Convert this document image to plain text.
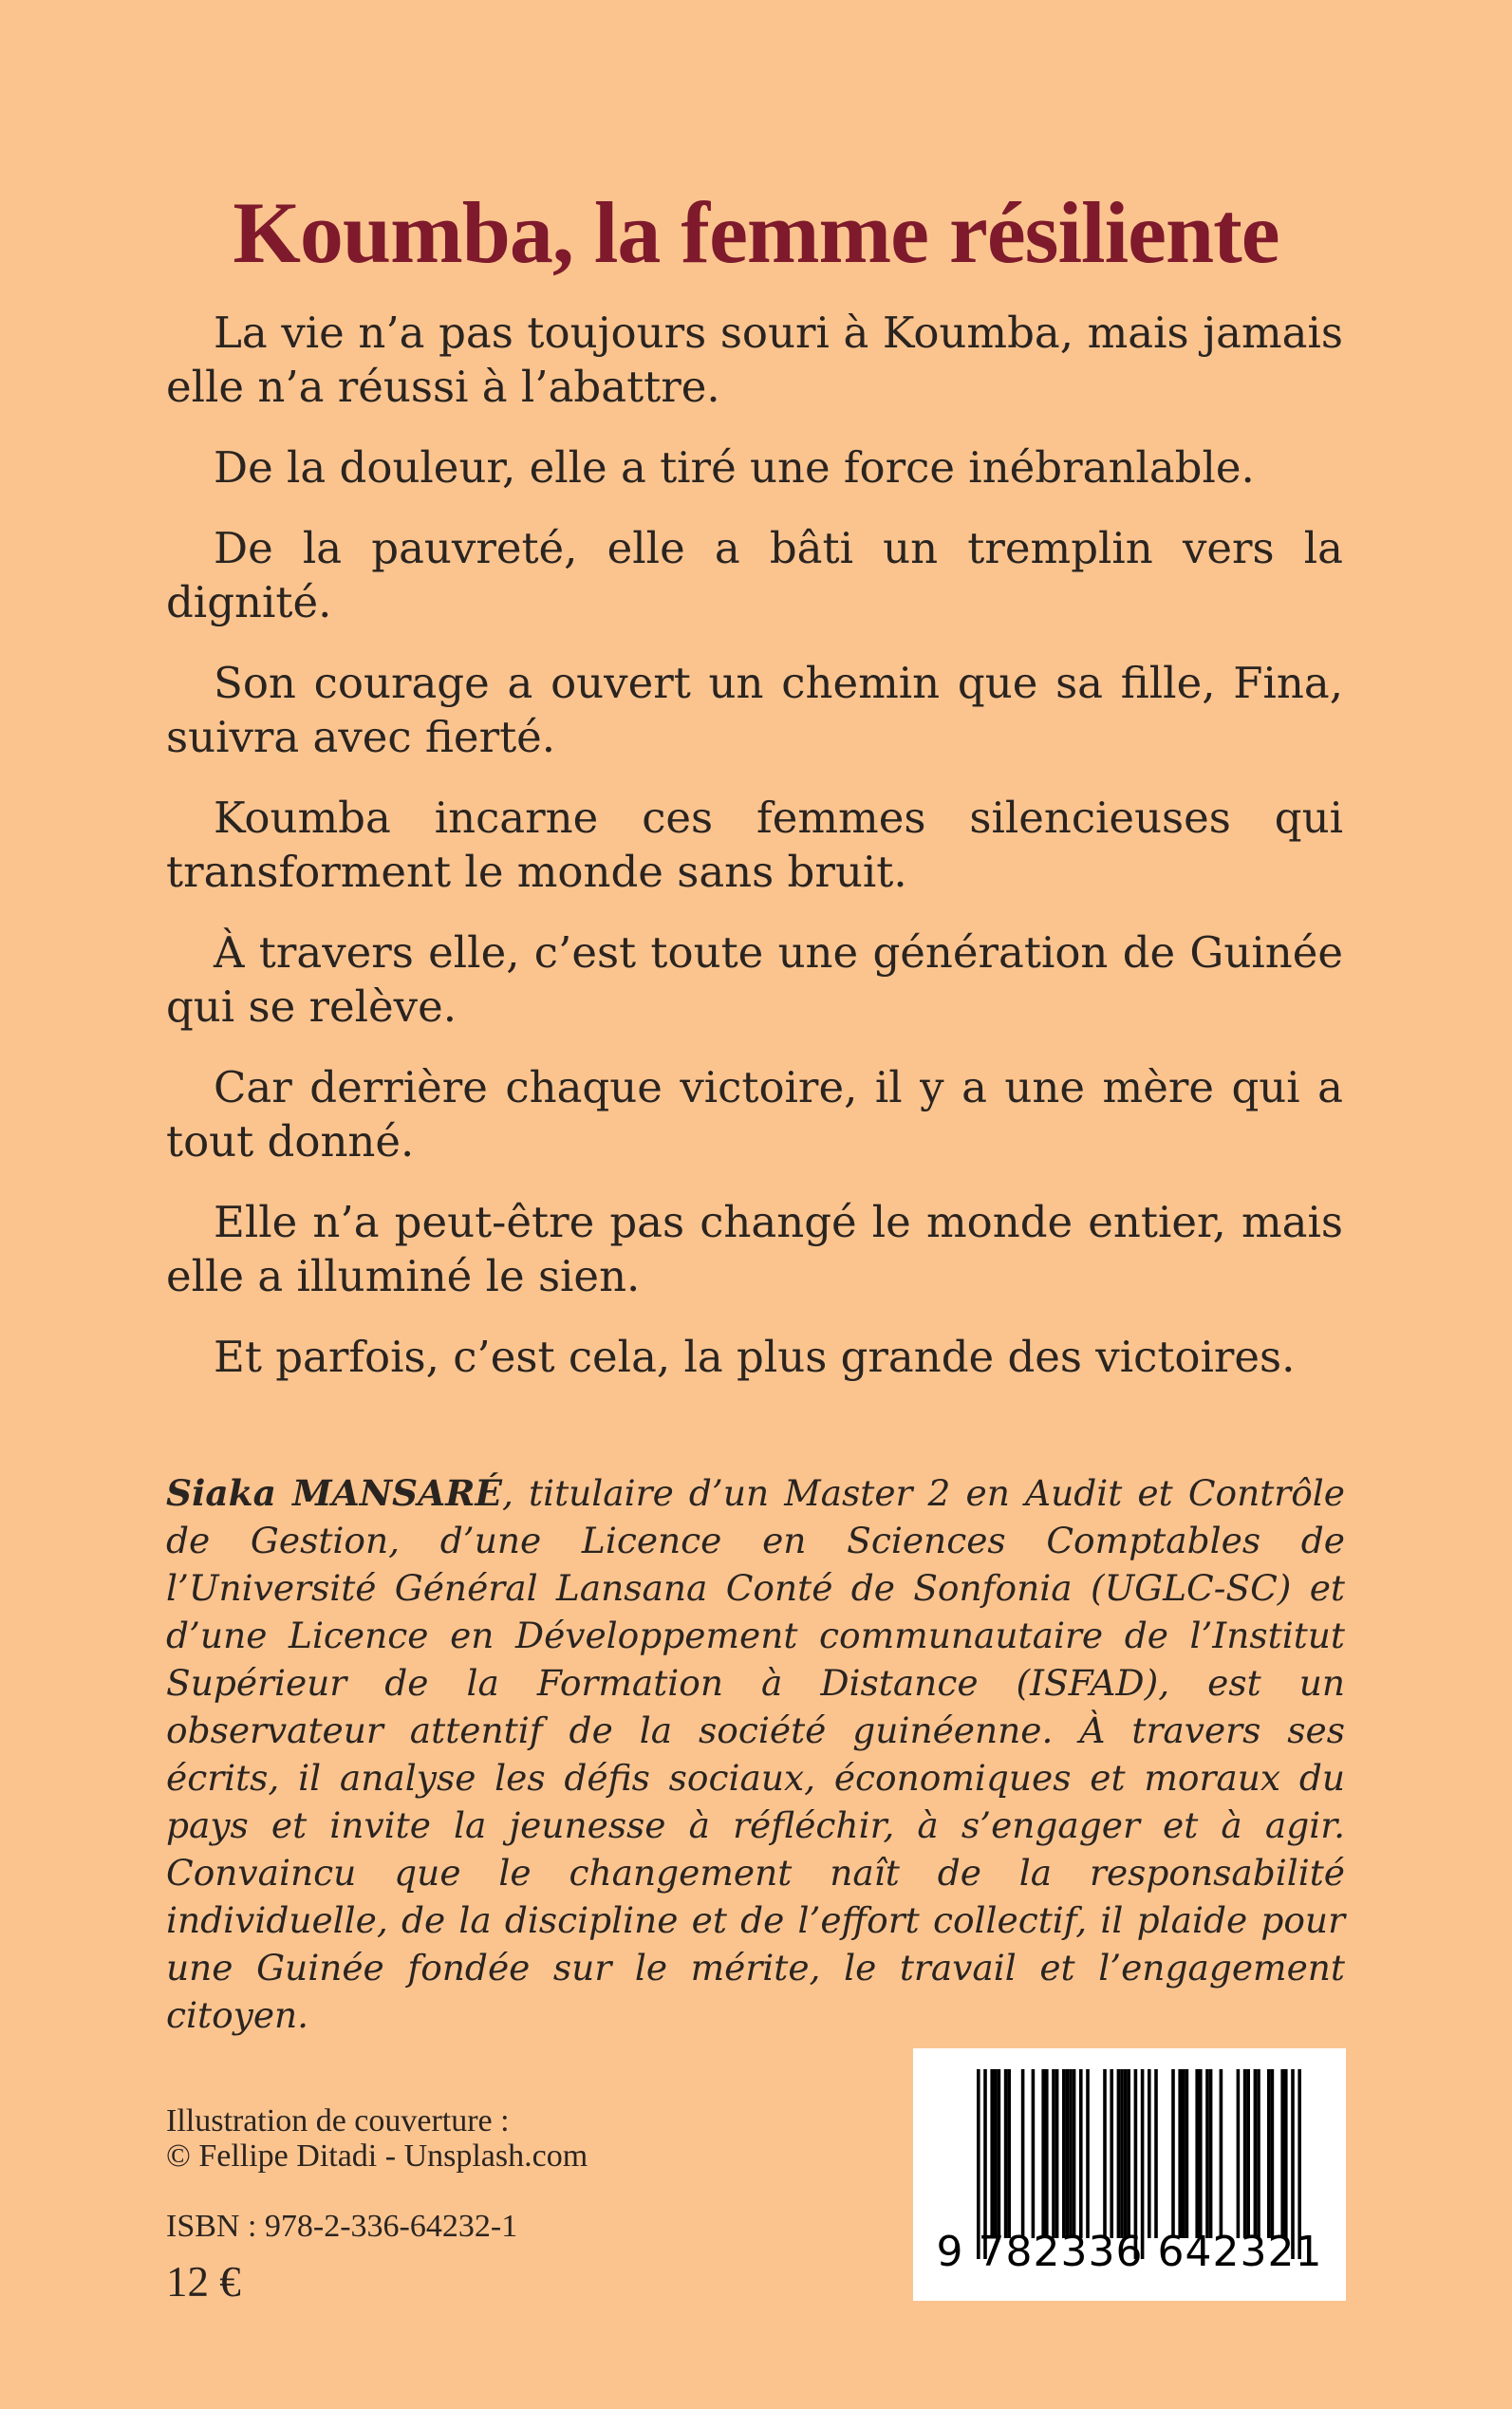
Koumba, la femme résiliente

La vie n’a pas toujours souri à Koumba, mais jamais elle n’a réussi à l’abattre.

De la douleur, elle a tiré une force inébranlable.

De la pauvreté, elle a bâti un tremplin vers la dignité.

Son courage a ouvert un chemin que sa fille, Fina, suivra avec fierté.

Koumba incarne ces femmes silencieuses qui transforment le monde sans bruit.

À travers elle, c’est toute une génération de Guinée qui se relève.

Car derrière chaque victoire, il y a une mère qui a tout donné.

Elle n’a peut-être pas changé le monde entier, mais elle a illuminé le sien.

Et parfois, c’est cela, la plus grande des victoires.

Siaka MANSARÉ, titulaire d’un Master 2 en Audit et Contrôle de Gestion, d’une Licence en Sciences Comptables de l’Université Général Lansana Conté de Sonfonia (UGLC-SC) et d’une Licence en Développement communautaire de l’Institut Supérieur de la Formation à Distance (ISFAD), est un observateur attentif de la société guinéenne. À travers ses écrits, il analyse les défis sociaux, économiques et moraux du pays et invite la jeunesse à réfléchir, à s’engager et à agir. Convaincu que le changement naît de la responsabilité individuelle, de la discipline et de l’effort collectif, il plaide pour une Guinée fondée sur le mérite, le travail et l’engagement citoyen.
Illustration de couverture :
© Fellipe Ditadi - Unsplash.com
ISBN : 978-2-336-64232-1
12 €
9 782336 642321
